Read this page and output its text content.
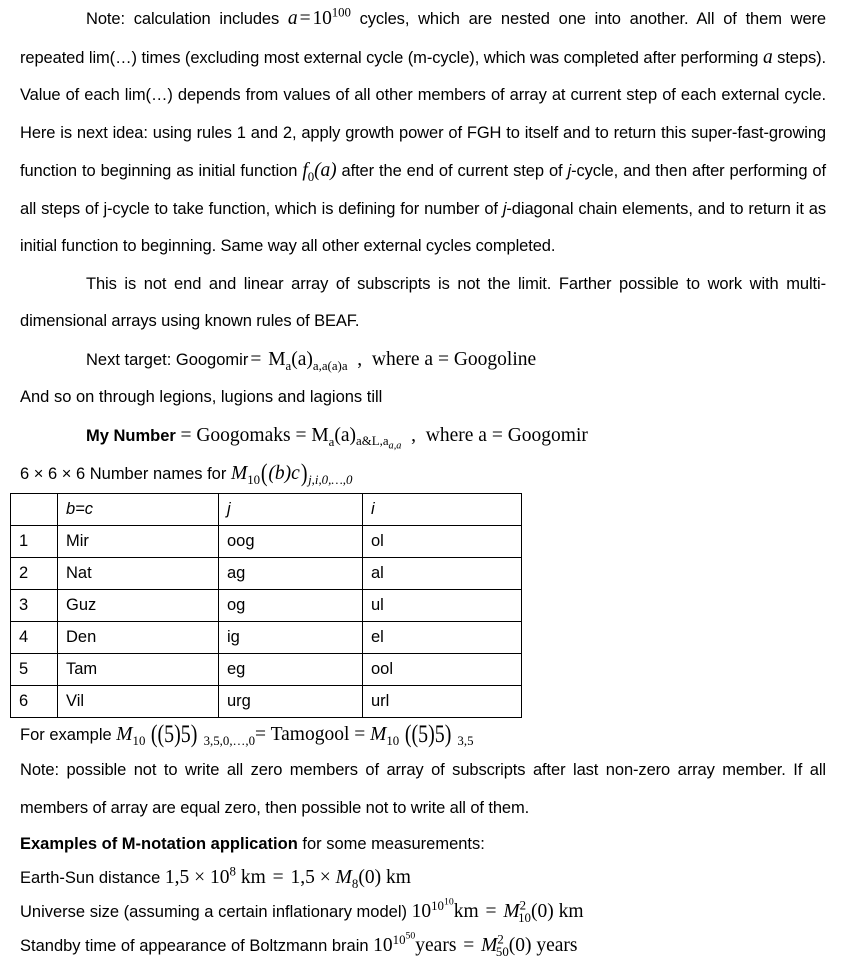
Note: calculation includes $a = 10^{100}$ cycles, which are nested one into another. All of them were repeated lim(…) times (excluding most external cycle (m-cycle), which was completed after performing a steps). Value of each lim(…) depends from values of all other members of array at current step of each external cycle. Here is next idea: using rules 1 and 2, apply growth power of FGH to itself and to return this super-fast-growing function to beginning as initial function $f_0(a)$ after the end of current step of j-cycle, and then after performing of all steps of j-cycle to take function, which is defining for number of j-diagonal chain elements, and to return it as initial function to beginning. Same way all other external cycles completed.

This is not end and linear array of subscripts is not the limit. Farther possible to work with multi-dimensional arrays using known rules of BEAF.

Next target: Googomir = $M_a(a)_{a,a(a)a}$ , where a = Googoline
And so on through legions, lugions and lagions till
My Number = Googomaks = $M_a(a)_{a\&L,a_{a,a}}$  , where a = Googomir
6 × 6 × 6 Number names for $M_{10}((b)c)_{j,i,0,\dots,0}$
	b=c	j	i
1	Mir	oog	ol
2	Nat	ag	al
3	Guz	og	ul
4	Den	ig	el
5	Tam	eg	ool
6	Vil	urg	url
For example $M_{10}$ ((5)5) $_{3,5,0,\dots,0}$= Tamogool = $M_{10}$ ((5)5) $_{3,5}$

Note: possible not to write all zero members of array of subscripts after last non-zero array member. If all members of array are equal zero, then possible not to write all of them.

Examples of M-notation application for some measurements:
Earth-Sun distance $1,5 \times 10^8$ km = $1,5 \times M_8(0)$ km
Universe size (assuming a certain inflationary model) $10^{10^{10}}km = M^2_{10}(0)$ km
Standby time of appearance of Boltzmann brain $10^{10^{50}}years = M^2_{50}(0)$ years
